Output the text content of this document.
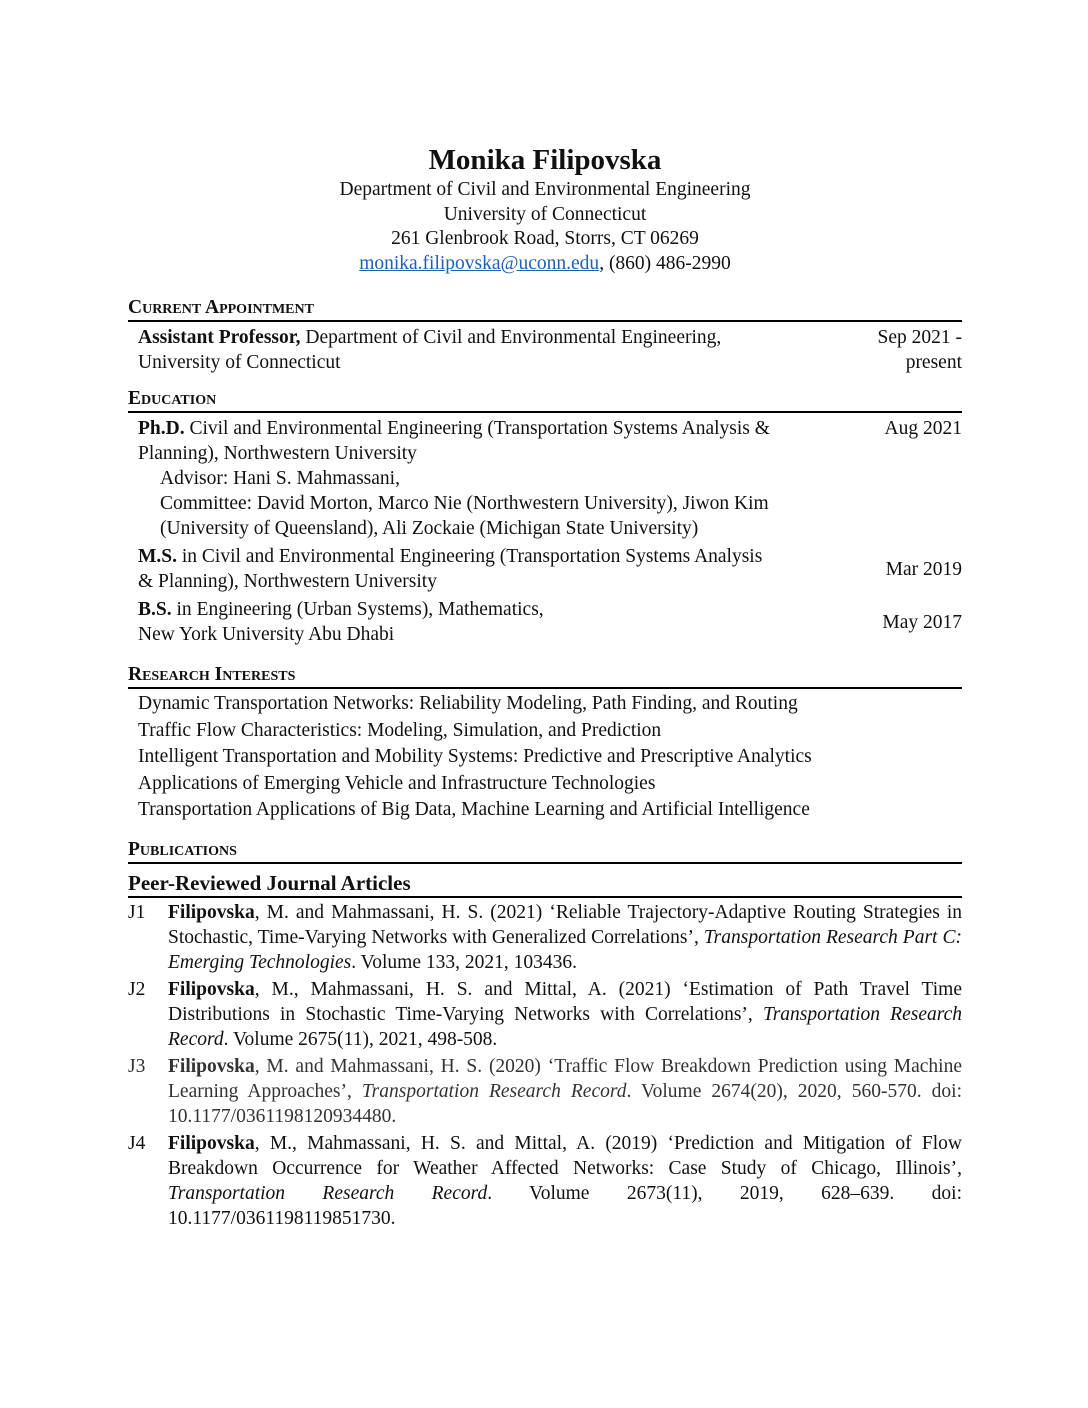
Monika Filipovska
Department of Civil and Environmental Engineering
University of Connecticut
261 Glenbrook Road, Storrs, CT 06269
monika.filipovska@uconn.edu, (860) 486-2990
Current Appointment
Assistant Professor, Department of Civil and Environmental Engineering,
University of Connecticut
Sep 2021 -
present
Education
Ph.D. Civil and Environmental Engineering (Transportation Systems Analysis &
Planning), Northwestern University
Advisor: Hani S. Mahmassani,
Committee: David Morton, Marco Nie (Northwestern University), Jiwon Kim
(University of Queensland), Ali Zockaie (Michigan State University)
Aug 2021
M.S. in Civil and Environmental Engineering (Transportation Systems Analysis
& Planning), Northwestern University
Mar 2019
B.S. in Engineering (Urban Systems), Mathematics,
New York University Abu Dhabi
May 2017
Research Interests
Dynamic Transportation Networks: Reliability Modeling, Path Finding, and Routing
Traffic Flow Characteristics: Modeling, Simulation, and Prediction
Intelligent Transportation and Mobility Systems: Predictive and Prescriptive Analytics
Applications of Emerging Vehicle and Infrastructure Technologies
Transportation Applications of Big Data, Machine Learning and Artificial Intelligence
Publications
Peer-Reviewed Journal Articles
J1	Filipovska, M. and Mahmassani, H. S. (2021) ‘Reliable Trajectory-Adaptive Routing Strategies in Stochastic, Time-Varying Networks with Generalized Correlations’, Transportation Research Part C: Emerging Technologies. Volume 133, 2021, 103436.
J2	Filipovska, M., Mahmassani, H. S. and Mittal, A. (2021) ‘Estimation of Path Travel Time Distributions in Stochastic Time-Varying Networks with Correlations’, Transportation Research Record. Volume 2675(11), 2021, 498-508.
J3	Filipovska, M. and Mahmassani, H. S. (2020) ‘Traffic Flow Breakdown Prediction using Machine Learning Approaches’, Transportation Research Record. Volume 2674(20), 2020, 560-570. doi: 10.1177/0361198120934480.
J4	Filipovska, M., Mahmassani, H. S. and Mittal, A. (2019) ‘Prediction and Mitigation of Flow Breakdown Occurrence for Weather Affected Networks: Case Study of Chicago, Illinois’, Transportation Research Record. Volume 2673(11), 2019, 628–639. doi: 10.1177/0361198119851730.
